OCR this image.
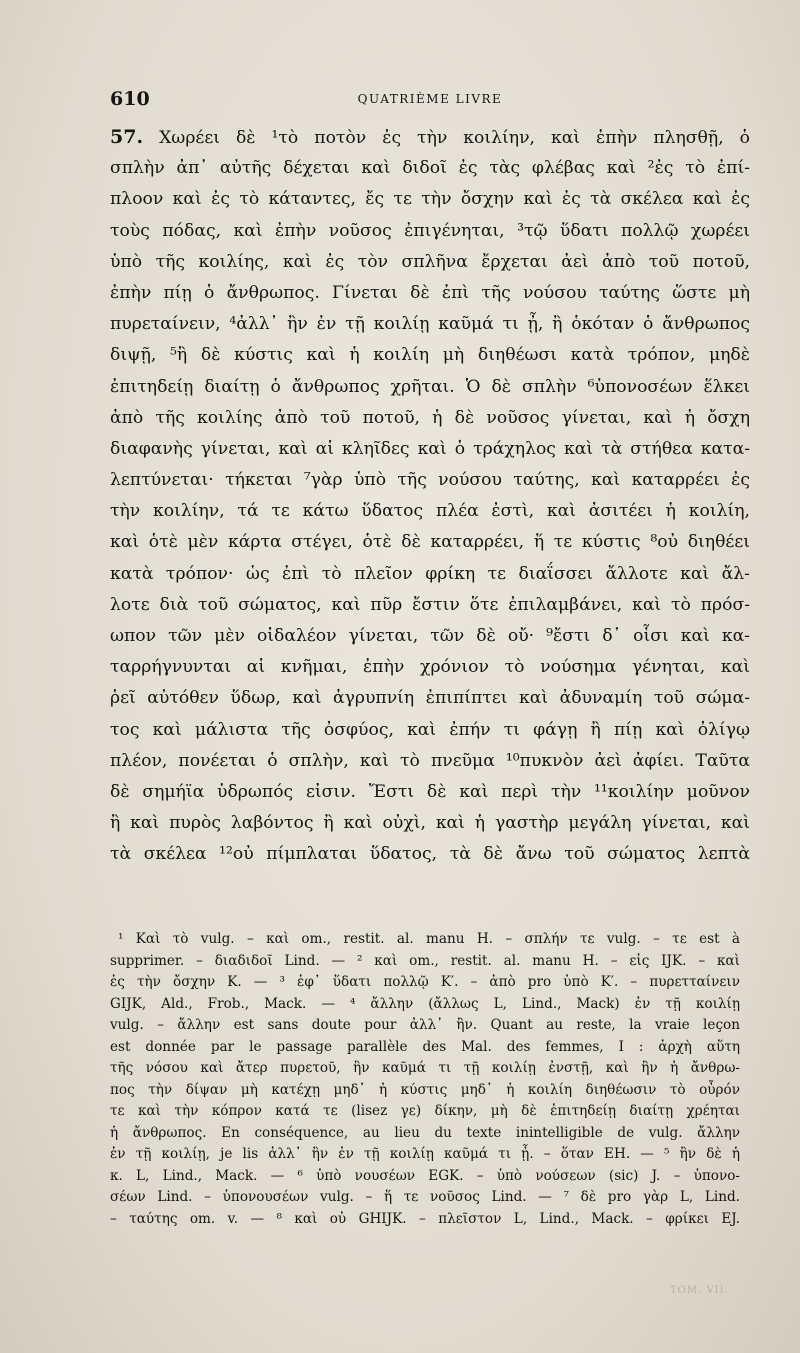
610	QUATRIÈME LIVRE
57. Χωρέει δὲ ¹τὸ ποτὸν ἐς τὴν κοιλίην, καὶ ἐπὴν πλησθῇ, ὁ
σπλὴν ἀπ᾽ αὐτῆς δέχεται καὶ διδοῖ ἐς τὰς φλέβας καὶ ²ἐς τὸ ἐπί-
πλοον καὶ ἐς τὸ κάταντες, ἔς τε τὴν ὄσχην καὶ ἐς τὰ σκέλεα καὶ ἐς
τοὺς πόδας, καὶ ἐπὴν νοῦσος ἐπιγένηται, ³τῷ ὕδατι πολλῷ χωρέει
ὑπὸ τῆς κοιλίης, καὶ ἐς τὸν σπλῆνα ἔρχεται ἀεὶ ἀπὸ τοῦ ποτοῦ,
ἐπὴν πίῃ ὁ ἄνθρωπος. Γίνεται δὲ ἐπὶ τῆς νούσου ταύτης ὥστε μὴ
πυρεταίνειν, ⁴ἀλλ᾽ ἢν ἐν τῇ κοιλίῃ καῦμά τι ᾖ, ἢ ὁκόταν ὁ ἄνθρωπος
διψῇ, ⁵ἢ δὲ κύστις καὶ ἡ κοιλίη μὴ διηθέωσι κατὰ τρόπον, μηδὲ
ἐπιτηδείῃ διαίτῃ ὁ ἄνθρωπος χρῆται. Ὁ δὲ σπλὴν ⁶ὑπονοσέων ἕλκει
ἀπὸ τῆς κοιλίης ἀπὸ τοῦ ποτοῦ, ἡ δὲ νοῦσος γίνεται, καὶ ἡ ὄσχη
διαφανὴς γίνεται, καὶ αἱ κληῖδες καὶ ὁ τράχηλος καὶ τὰ στήθεα κατα-
λεπτύνεται· τήκεται ⁷γὰρ ὑπὸ τῆς νούσου ταύτης, καὶ καταρρέει ἐς
τὴν κοιλίην, τά τε κάτω ὕδατος πλέα ἐστὶ, καὶ ἀσιτέει ἡ κοιλίη,
καὶ ὁτὲ μὲν κάρτα στέγει, ὁτὲ δὲ καταρρέει, ἥ τε κύστις ⁸οὐ διηθέει
κατὰ τρόπον· ὡς ἐπὶ τὸ πλεῖον φρίκη τε διαΐσσει ἄλλοτε καὶ ἄλ-
λοτε διὰ τοῦ σώματος, καὶ πῦρ ἔστιν ὅτε ἐπιλαμβάνει, καὶ τὸ πρόσ-
ωπον τῶν μὲν οἰδαλέον γίνεται, τῶν δὲ οὔ· ⁹ἔστι δ᾽ οἷσι καὶ κα-
ταρρήγνυνται αἱ κνῆμαι, ἐπὴν χρόνιον τὸ νούσημα γένηται, καὶ
ῥεῖ αὐτόθεν ὕδωρ, καὶ ἀγρυπνίη ἐπιπίπτει καὶ ἀδυναμίη τοῦ σώμα-
τος καὶ μάλιστα τῆς ὀσφύος, καὶ ἐπήν τι φάγῃ ἢ πίῃ καὶ ὀλίγῳ
πλέον, πονέεται ὁ σπλὴν, καὶ τὸ πνεῦμα ¹⁰πυκνὸν ἀεὶ ἀφίει. Ταῦτα
δὲ σημήϊα ὑδρωπός εἰσιν. Ἔστι δὲ καὶ περὶ τὴν ¹¹κοιλίην μοῦνον
ἢ καὶ πυρὸς λαβόντος ἢ καὶ οὐχὶ, καὶ ἡ γαστὴρ μεγάλη γίνεται, καὶ
τὰ σκέλεα ¹²οὐ πίμπλαται ὕδατος, τὰ δὲ ἄνω τοῦ σώματος λεπτὰ
¹ Καὶ τὸ vulg. – καὶ om., restit. al. manu H. – σπλήν τε vulg. – τε est à
supprimer. – διαδιδοῖ Lind. — ² καὶ om., restit. al. manu H. – εἰς IJK. – καὶ
ἐς τὴν ὄσχην K. — ³ ἐφ᾽ ὕδατι πολλῷ K′. – ἀπὸ pro ὑπὸ K′. – πυρετταίνειν
GIJK, Ald., Frob., Mack. — ⁴ ἄλλην (ἄλλως L, Lind., Mack) ἐν τῇ κοιλίῃ
vulg. – ἄλλην est sans doute pour ἀλλ᾽ ἢν. Quant au reste, la vraie leçon
est donnée par le passage parallèle des Mal. des femmes, I : ἀρχὴ αὕτη
τῆς νόσου καὶ ἄτερ πυρετοῦ, ἢν καῦμά τι τῇ κοιλίῃ ἐνστῇ, καὶ ἢν ἡ ἄνθρω-
πος τὴν δίψαν μὴ κατέχῃ μηδ᾽ ἡ κύστις μηδ᾽ ἡ κοιλίη διηθέωσιν τὸ οὖρόν
τε καὶ τὴν κόπρον κατά τε (lisez γε) δίκην, μὴ δὲ ἐπιτηδείῃ διαίτῃ χρέηται
ἡ ἄνθρωπος. En conséquence, au lieu du texte inintelligible de vulg. ἄλλην
ἐν τῇ κοιλίῃ, je lis ἀλλ᾽ ἢν ἐν τῇ κοιλίῃ καῦμά τι ᾖ. – ὅταν EH. — ⁵ ἢν δὲ ἡ
κ. L, Lind., Mack. — ⁶ ὑπὸ νουσέων EGK. – ὑπὸ νούσεων (sic) J. – ὑπονο-
σέων Lind. – ὑπονουσέων vulg. – ἥ τε νοῦσος Lind. — ⁷ δὲ pro γὰρ L, Lind.
– ταύτης om. v. — ⁸ καὶ οὐ GHIJK. – πλεῖστον L, Lind., Mack. – φρίκει EJ.
TOM. VII.
